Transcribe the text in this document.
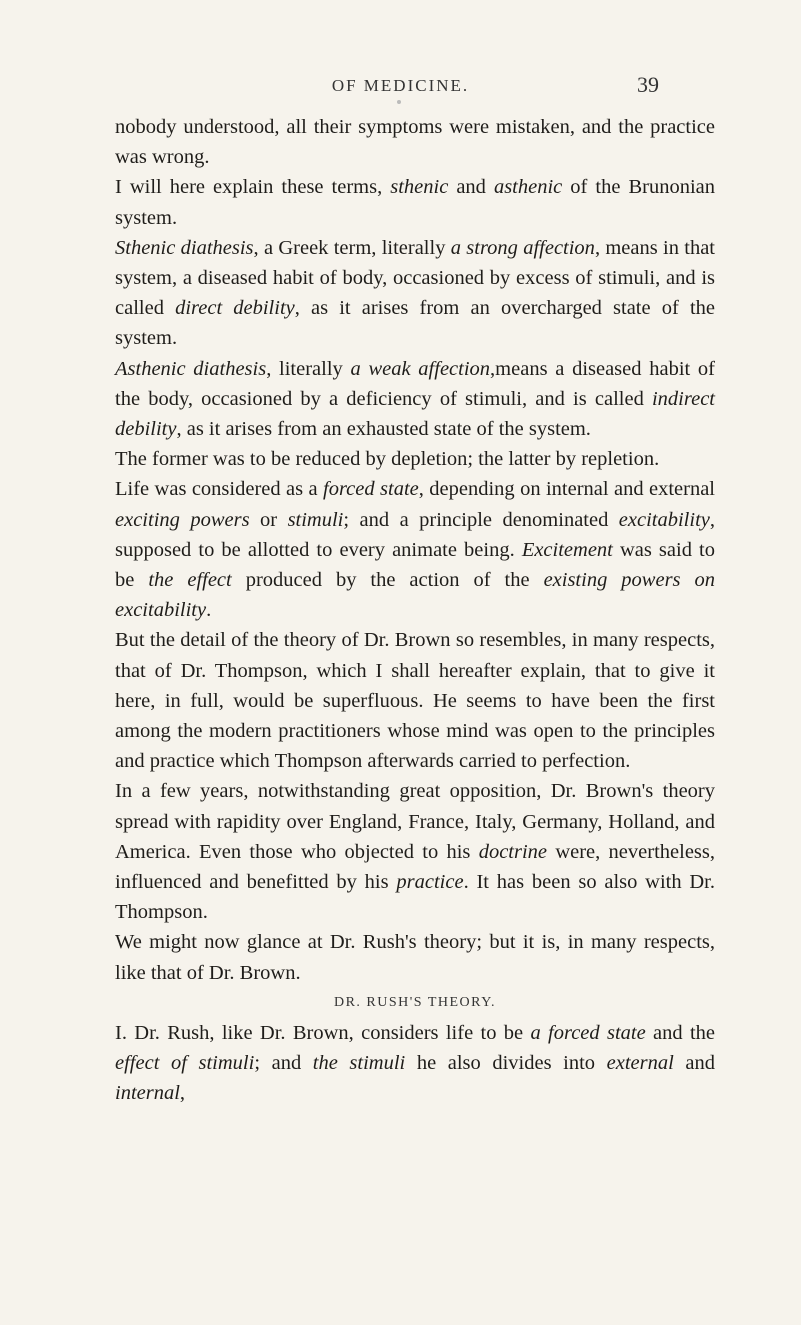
OF MEDICINE.	39

nobody understood, all their symptoms were mistaken, and the practice was wrong.

I will here explain these terms, sthenic and asthenic of the Brunonian system.

Sthenic diathesis, a Greek term, literally a strong affection, means in that system, a diseased habit of body, occasioned by excess of stimuli, and is called direct debility, as it arises from an overcharged state of the system.

Asthenic diathesis, literally a weak affection,means a diseased habit of the body, occasioned by a deficiency of stimuli, and is called indirect debility, as it arises from an exhausted state of the system.

The former was to be reduced by depletion; the latter by repletion.

Life was considered as a forced state, depending on internal and external exciting powers or stimuli; and a principle denominated excitability, supposed to be allotted to every animate being. Excitement was said to be the effect produced by the action of the existing powers on excitability.

But the detail of the theory of Dr. Brown so resembles, in many respects, that of Dr. Thompson, which I shall hereafter explain, that to give it here, in full, would be superfluous. He seems to have been the first among the modern practitioners whose mind was open to the principles and practice which Thompson afterwards carried to perfection.

In a few years, notwithstanding great opposition, Dr. Brown's theory spread with rapidity over England, France, Italy, Germany, Holland, and America. Even those who objected to his doctrine were, nevertheless, influenced and benefitted by his practice. It has been so also with Dr. Thompson.

We might now glance at Dr. Rush's theory; but it is, in many respects, like that of Dr. Brown.

DR. RUSH'S THEORY.

I. Dr. Rush, like Dr. Brown, considers life to be a forced state and the effect of stimuli; and the stimuli he also divides into external and internal,
